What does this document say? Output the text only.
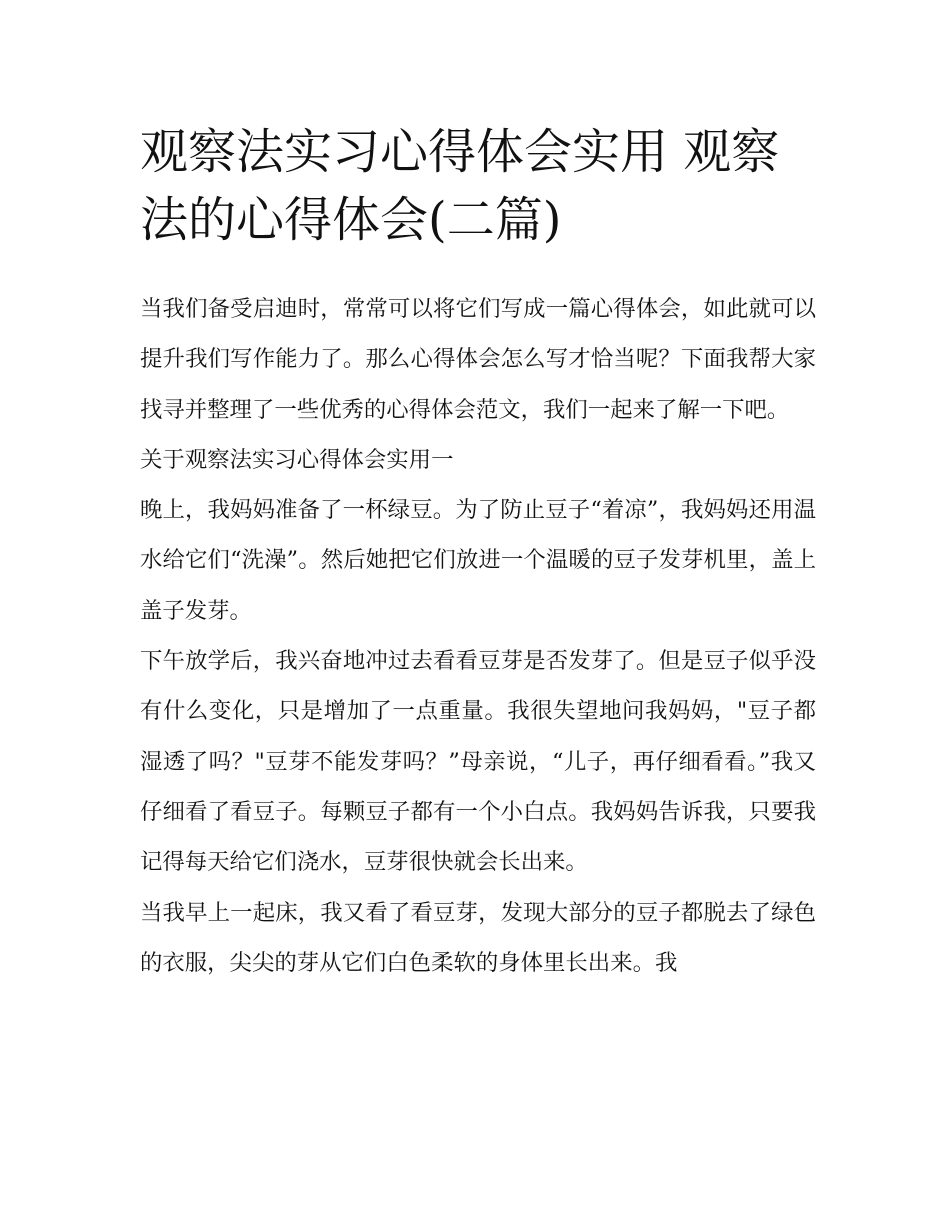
观察法实习心得体会实用 观察法的心得体会(二篇)

当我们备受启迪时，常常可以将它们写成一篇心得体会，如此就可以提升我们写作能力了。那么心得体会怎么写才恰当呢？下面我帮大家找寻并整理了一些优秀的心得体会范文，我们一起来了解一下吧。

关于观察法实习心得体会实用一

晚上，我妈妈准备了一杯绿豆。为了防止豆子“着凉”，我妈妈还用温水给它们“洗澡”。然后她把它们放进一个温暖的豆子发芽机里，盖上盖子发芽。

下午放学后，我兴奋地冲过去看看豆芽是否发芽了。但是豆子似乎没有什么变化，只是增加了一点重量。我很失望地问我妈妈，"豆子都湿透了吗？"豆芽不能发芽吗？”母亲说，“儿子，再仔细看看。”我又仔细看了看豆子。每颗豆子都有一个小白点。我妈妈告诉我，只要我记得每天给它们浇水，豆芽很快就会长出来。

当我早上一起床，我又看了看豆芽，发现大部分的豆子都脱去了绿色的衣服，尖尖的芽从它们白色柔软的身体里长出来。我
